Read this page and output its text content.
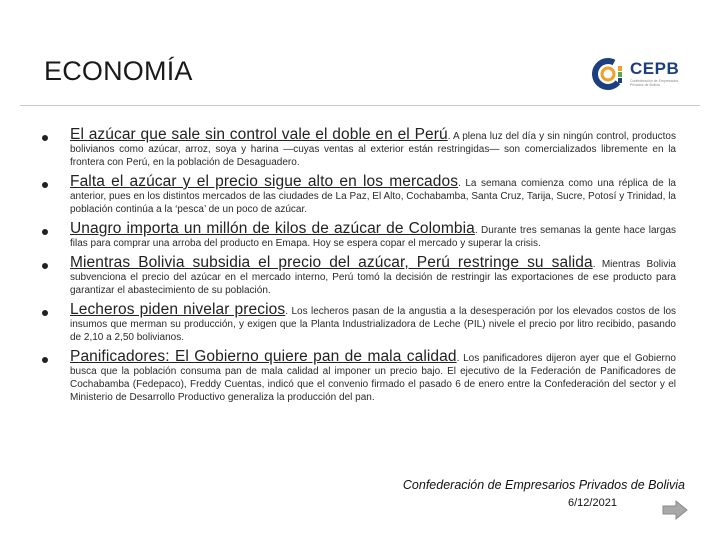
ECONOMÍA	CEPB
Confederación de Empresarios Privados de Bolivia

El azúcar que sale sin control vale el doble en el Perú. A plena luz del día y sin ningún control, productos bolivianos como azúcar, arroz, soya y harina —cuyas ventas al exterior están restringidas— son comercializados libremente en la frontera con Perú, en la población de Desaguadero.

Falta el azúcar y el precio sigue alto en los mercados. La semana comienza como una réplica de la anterior, pues en los distintos mercados de las ciudades de La Paz, El Alto, Cochabamba, Santa Cruz, Tarija, Sucre, Potosí y Trinidad, la población continúa a la ‘pesca’ de un poco de azúcar.

Unagro importa un millón de kilos de azúcar de Colombia. Durante tres semanas la gente hace largas filas para comprar una arroba del producto en Emapa. Hoy se espera copar el mercado y superar la crisis.

Mientras Bolivia subsidia el precio del azúcar, Perú restringe su salida. Mientras Bolivia subvenciona el precio del azúcar en el mercado interno, Perú tomó la decisión de restringir las exportaciones de ese producto para garantizar el abastecimiento de su población.

Lecheros piden nivelar precios. Los lecheros pasan de la angustia a la desesperación por los elevados costos de los insumos que merman su producción, y exigen que la Planta Industrializadora de Leche (PIL) nivele el precio por litro recibido, pasando de 2,10 a 2,50 bolivianos.

Panificadores: El Gobierno quiere pan de mala calidad. Los panificadores dijeron ayer que el Gobierno busca que la población consuma pan de mala calidad al imponer un precio bajo. El ejecutivo de la Federación de Panificadores de Cochabamba (Fedepaco), Freddy Cuentas, indicó que el convenio firmado el pasado 6 de enero entre la Confederación del sector y el Ministerio de Desarrollo Productivo generaliza la producción del pan.

Confederación de Empresarios Privados de Bolivia
6/12/2021
